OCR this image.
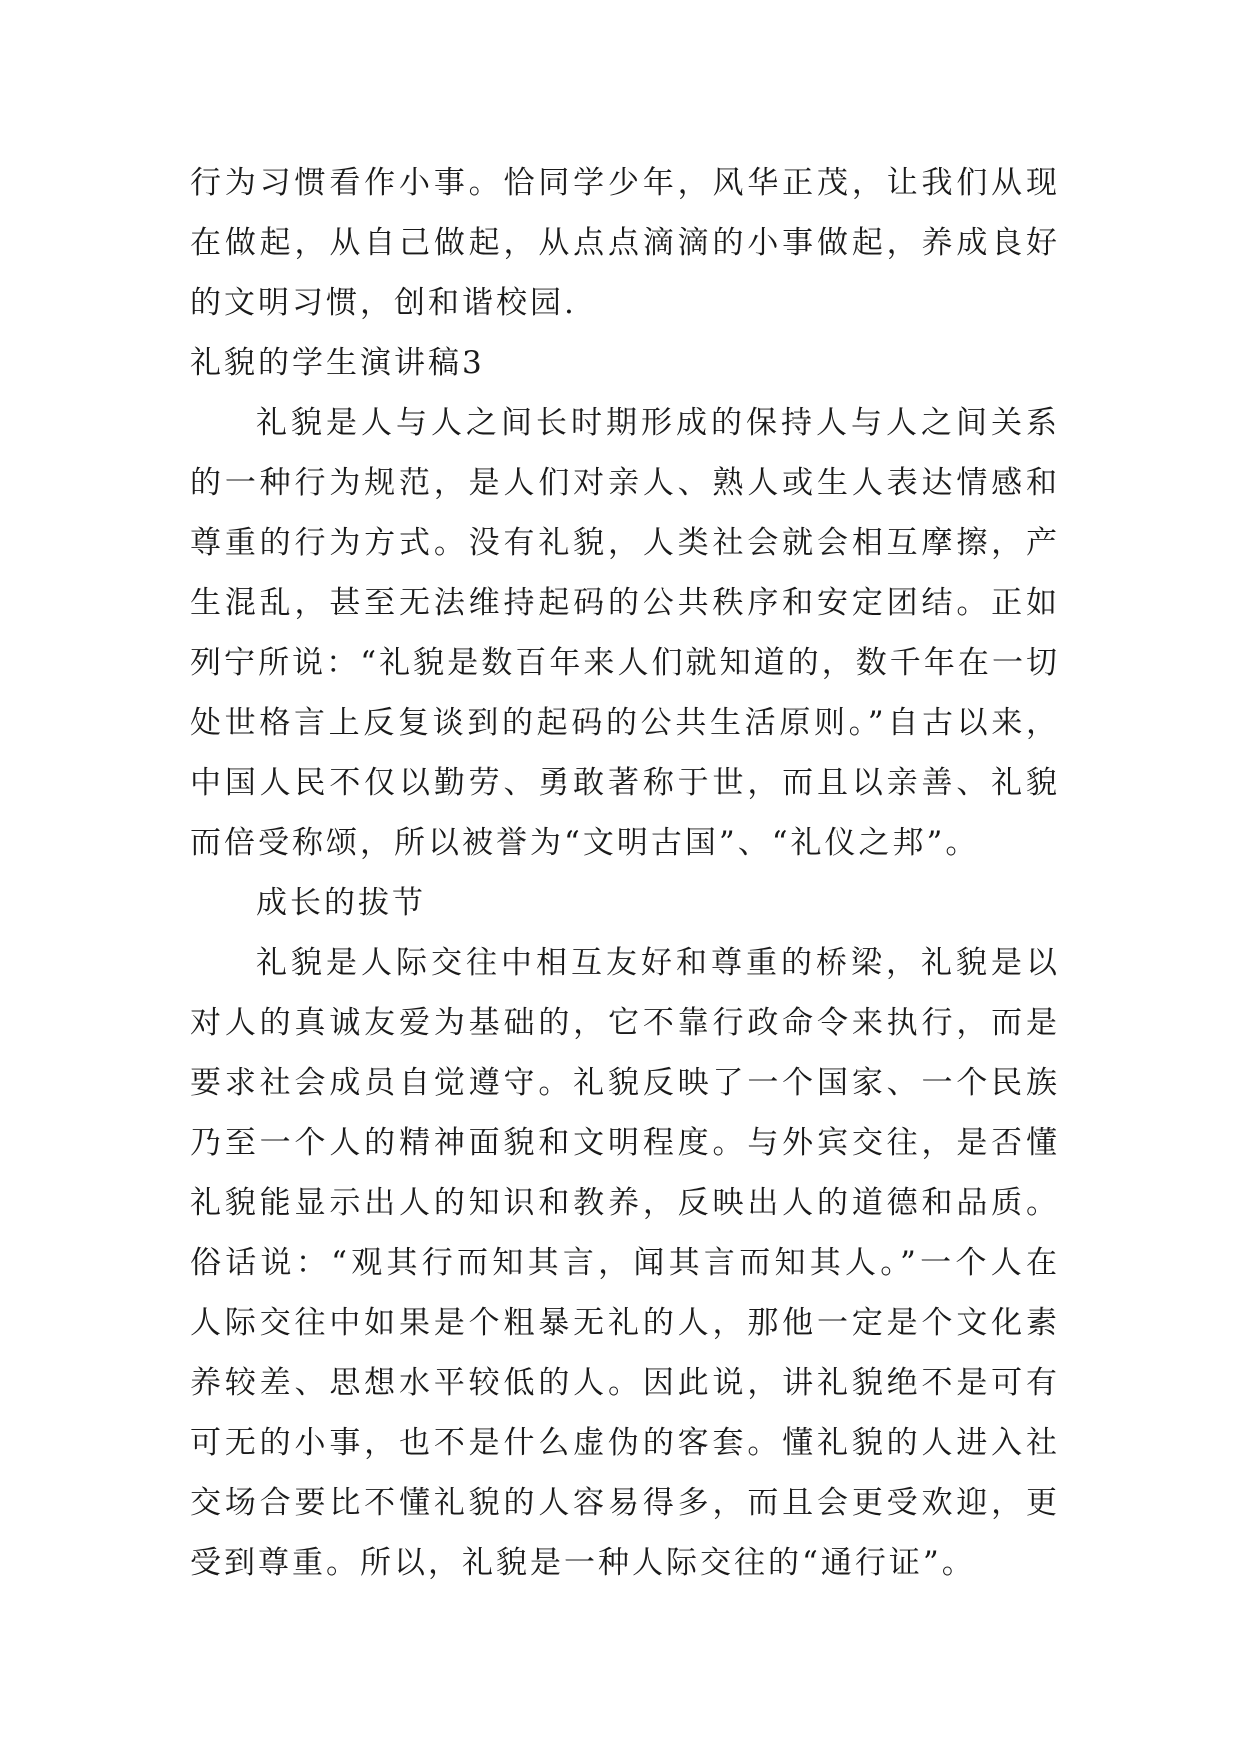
行为习惯看作小事。恰同学少年，风华正茂，让我们从现在做起，从自己做起，从点点滴滴的小事做起，养成良好的文明习惯，创和谐校园.

礼貌的学生演讲稿3

礼貌是人与人之间长时期形成的保持人与人之间关系的一种行为规范，是人们对亲人、熟人或生人表达情感和尊重的行为方式。没有礼貌，人类社会就会相互摩擦，产生混乱，甚至无法维持起码的公共秩序和安定团结。正如列宁所说：“礼貌是数百年来人们就知道的，数千年在一切处世格言上反复谈到的起码的公共生活原则。”自古以来，中国人民不仅以勤劳、勇敢著称于世，而且以亲善、礼貌而倍受称颂，所以被誉为“文明古国”、“礼仪之邦”。

成长的拔节

礼貌是人际交往中相互友好和尊重的桥梁，礼貌是以对人的真诚友爱为基础的，它不靠行政命令来执行，而是要求社会成员自觉遵守。礼貌反映了一个国家、一个民族乃至一个人的精神面貌和文明程度。与外宾交往，是否懂礼貌能显示出人的知识和教养，反映出人的道德和品质。俗话说：“观其行而知其言，闻其言而知其人。”一个人在人际交往中如果是个粗暴无礼的人，那他一定是个文化素养较差、思想水平较低的人。因此说，讲礼貌绝不是可有可无的小事，也不是什么虚伪的客套。懂礼貌的人进入社交场合要比不懂礼貌的人容易得多，而且会更受欢迎，更受到尊重。所以，礼貌是一种人际交往的“通行证”。
